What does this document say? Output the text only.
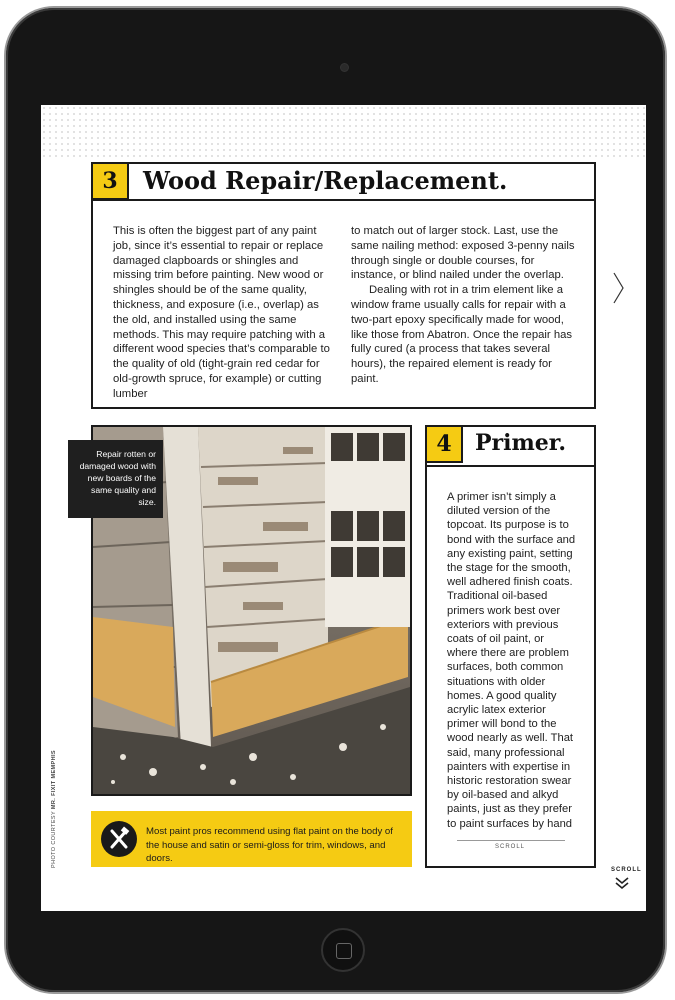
3	Wood Repair/Replacement.

This is often the biggest part of any paint job, since it’s essential to repair or replace damaged clapboards or shingles and missing trim before painting. New wood or shingles should be of the same quality, thickness, and exposure (i.e., overlap) as the old, and installed using the same methods. This may require patching with a different wood species that’s comparable to the quality of old (tight-grain red cedar for old-growth spruce, for example) or cutting lumber

to match out of larger stock. Last, use the same nailing method: exposed 3-penny nails through single or double courses, for instance, or blind nailed under the overlap.

Dealing with rot in a trim element like a window frame usually calls for repair with a two-part epoxy specifically made for wood, like those from Abatron. Once the repair has fully cured (a process that takes several hours), the repaired element is ready for paint.

Repair rotten or damaged wood with new boards of the same quality and size.
PHOTO COURTESY MR. FIXIT MEMPHIS
Most paint pros recommend using flat paint on the body of the house and satin or semi-gloss for trim, windows, and doors.
4	Primer.
A primer isn’t simply a diluted version of the topcoat. Its purpose is to bond with the surface and any existing paint, setting the stage for the smooth, well adhered finish coats. Traditional oil-based primers work best over exteriors with previous coats of oil paint, or where there are problem surfaces, both common situations with older homes. A good quality acrylic latex exterior primer will bond to the wood nearly as well. That said, many professional painters with expertise in historic restoration swear by oil-based and alkyd paints, just as they prefer to paint surfaces by hand
SCROLL
SCROLL
